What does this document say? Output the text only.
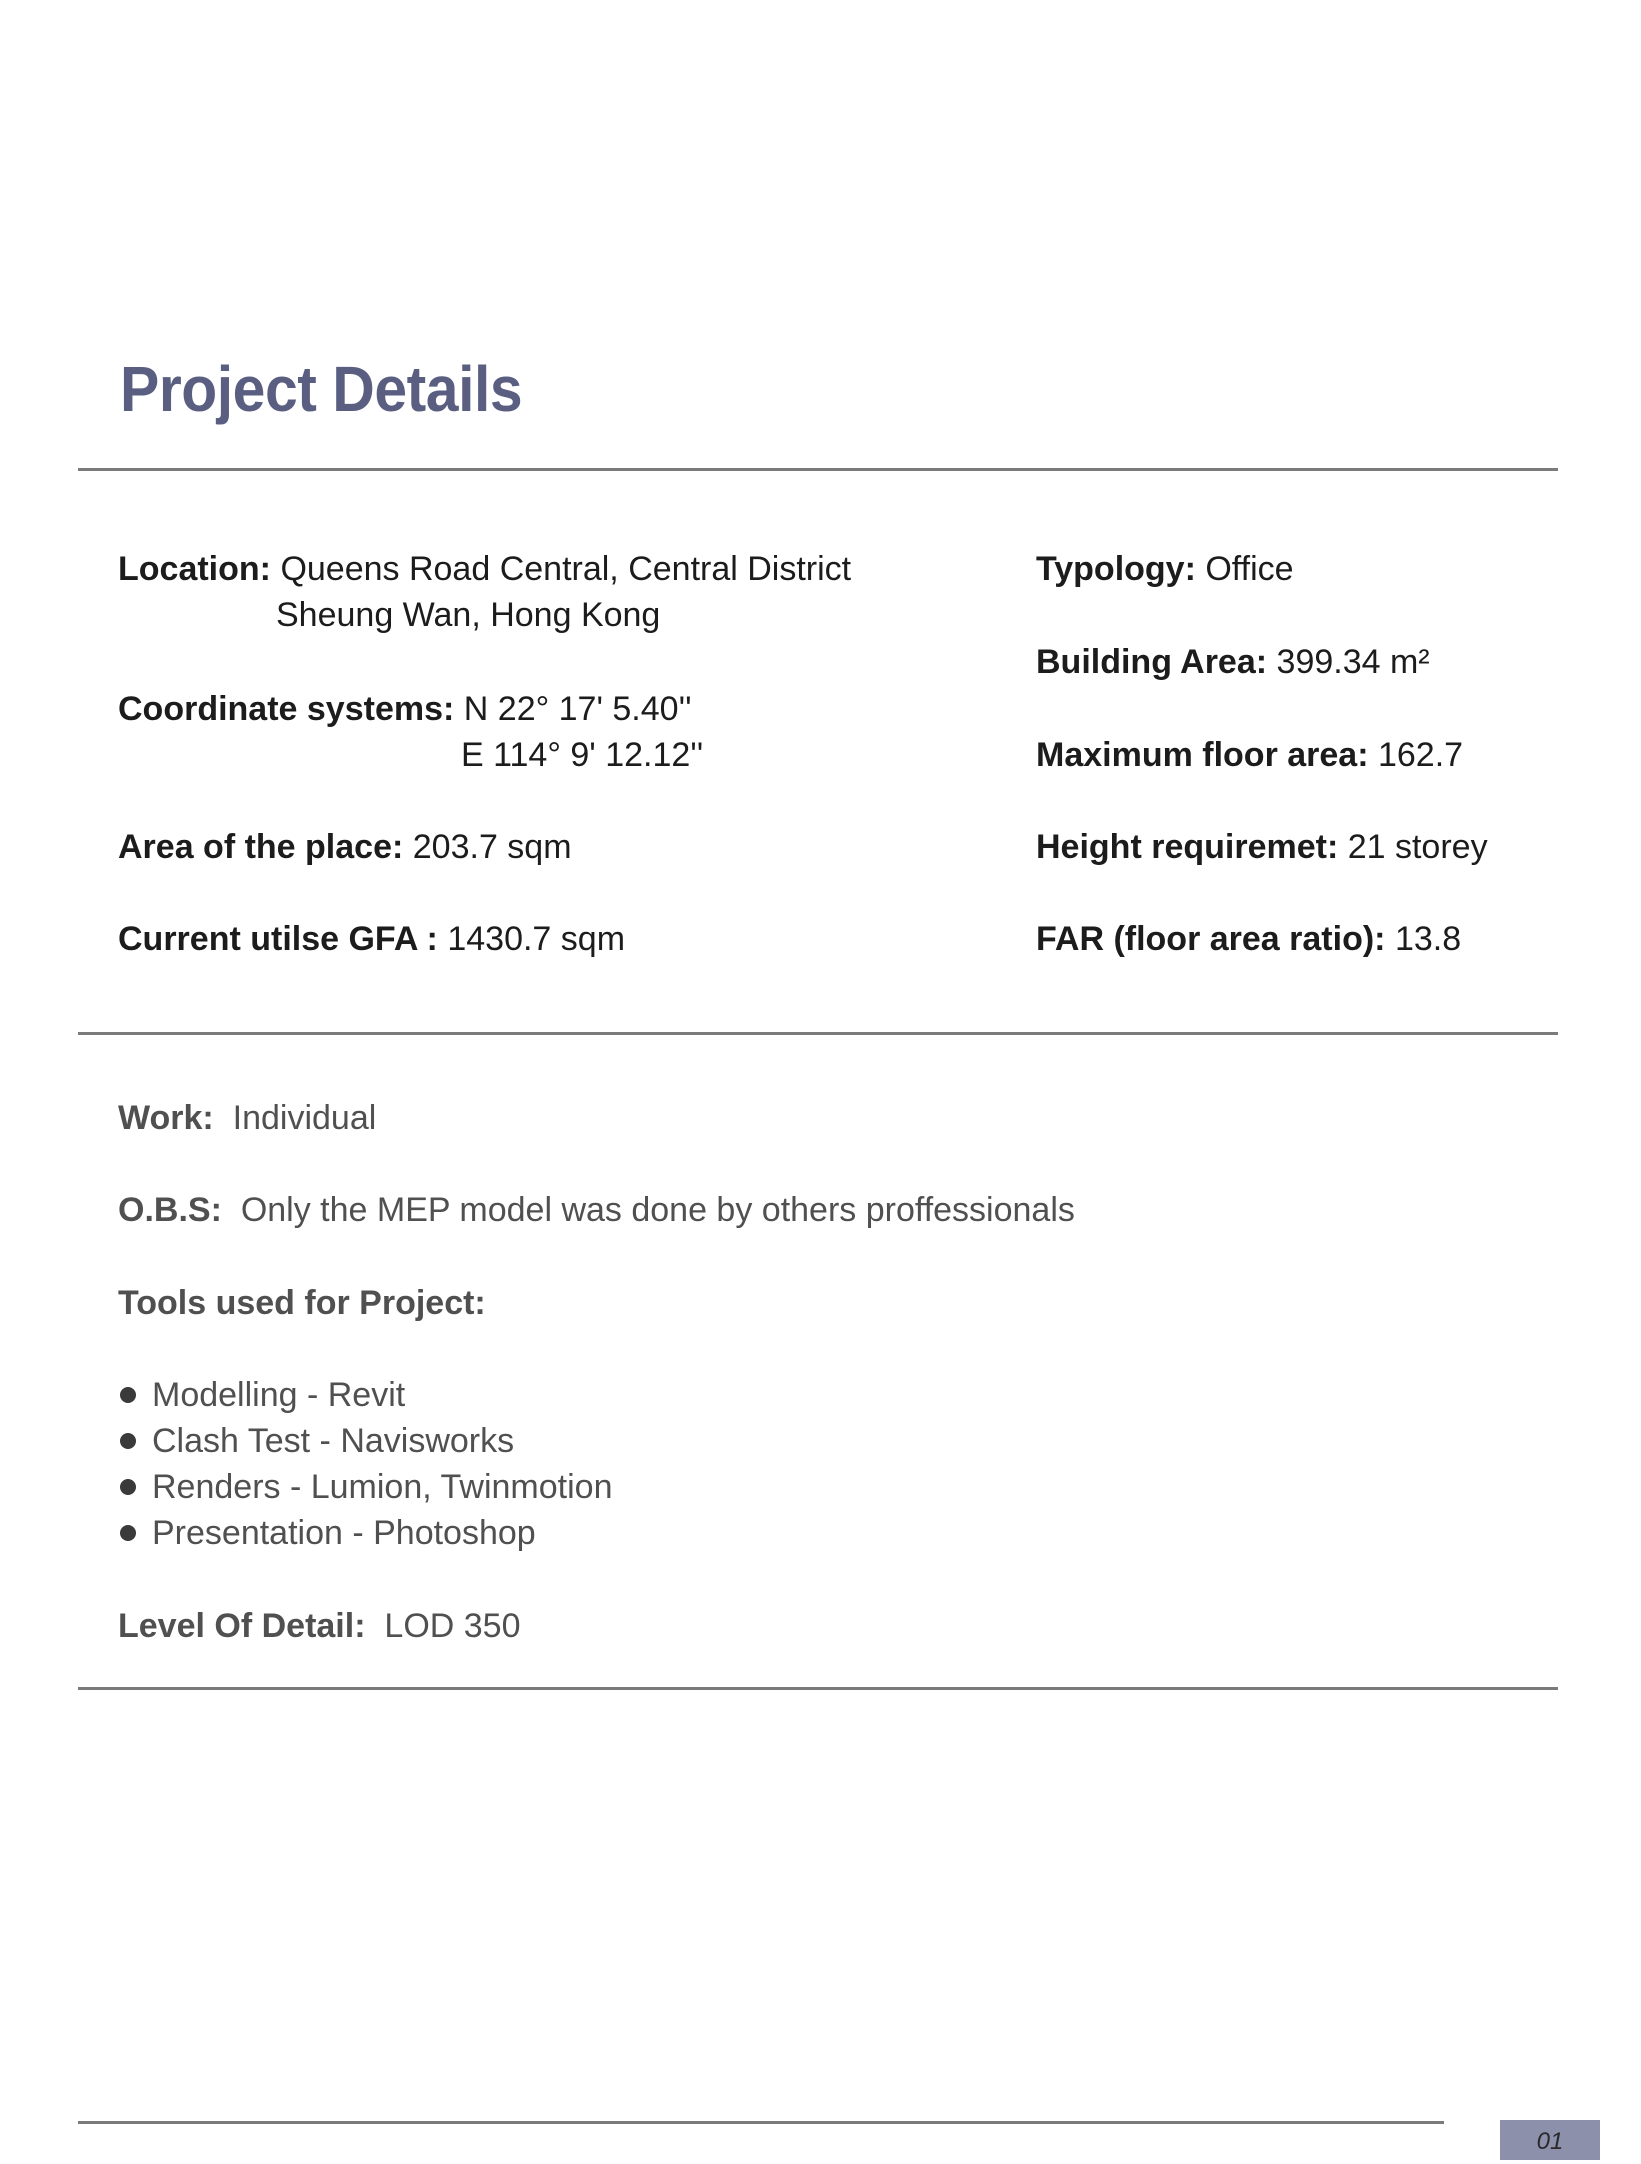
Project Details
Location: Queens Road Central, Central District
Sheung Wan, Hong Kong
Coordinate systems: N 22° 17' 5.40''
E 114° 9' 12.12''
Area of the place: 203.7 sqm
Current utilse GFA : 1430.7 sqm
Typology: Office
Building Area: 399.34 m²
Maximum floor area: 162.7
Height requiremet: 21 storey
FAR (floor area ratio): 13.8
Work: Individual
O.B.S: Only the MEP model was done by others proffessionals
Tools used for Project:
Modelling - Revit
Clash Test - Navisworks
Renders - Lumion, Twinmotion
Presentation - Photoshop
Level Of Detail: LOD 350
01
